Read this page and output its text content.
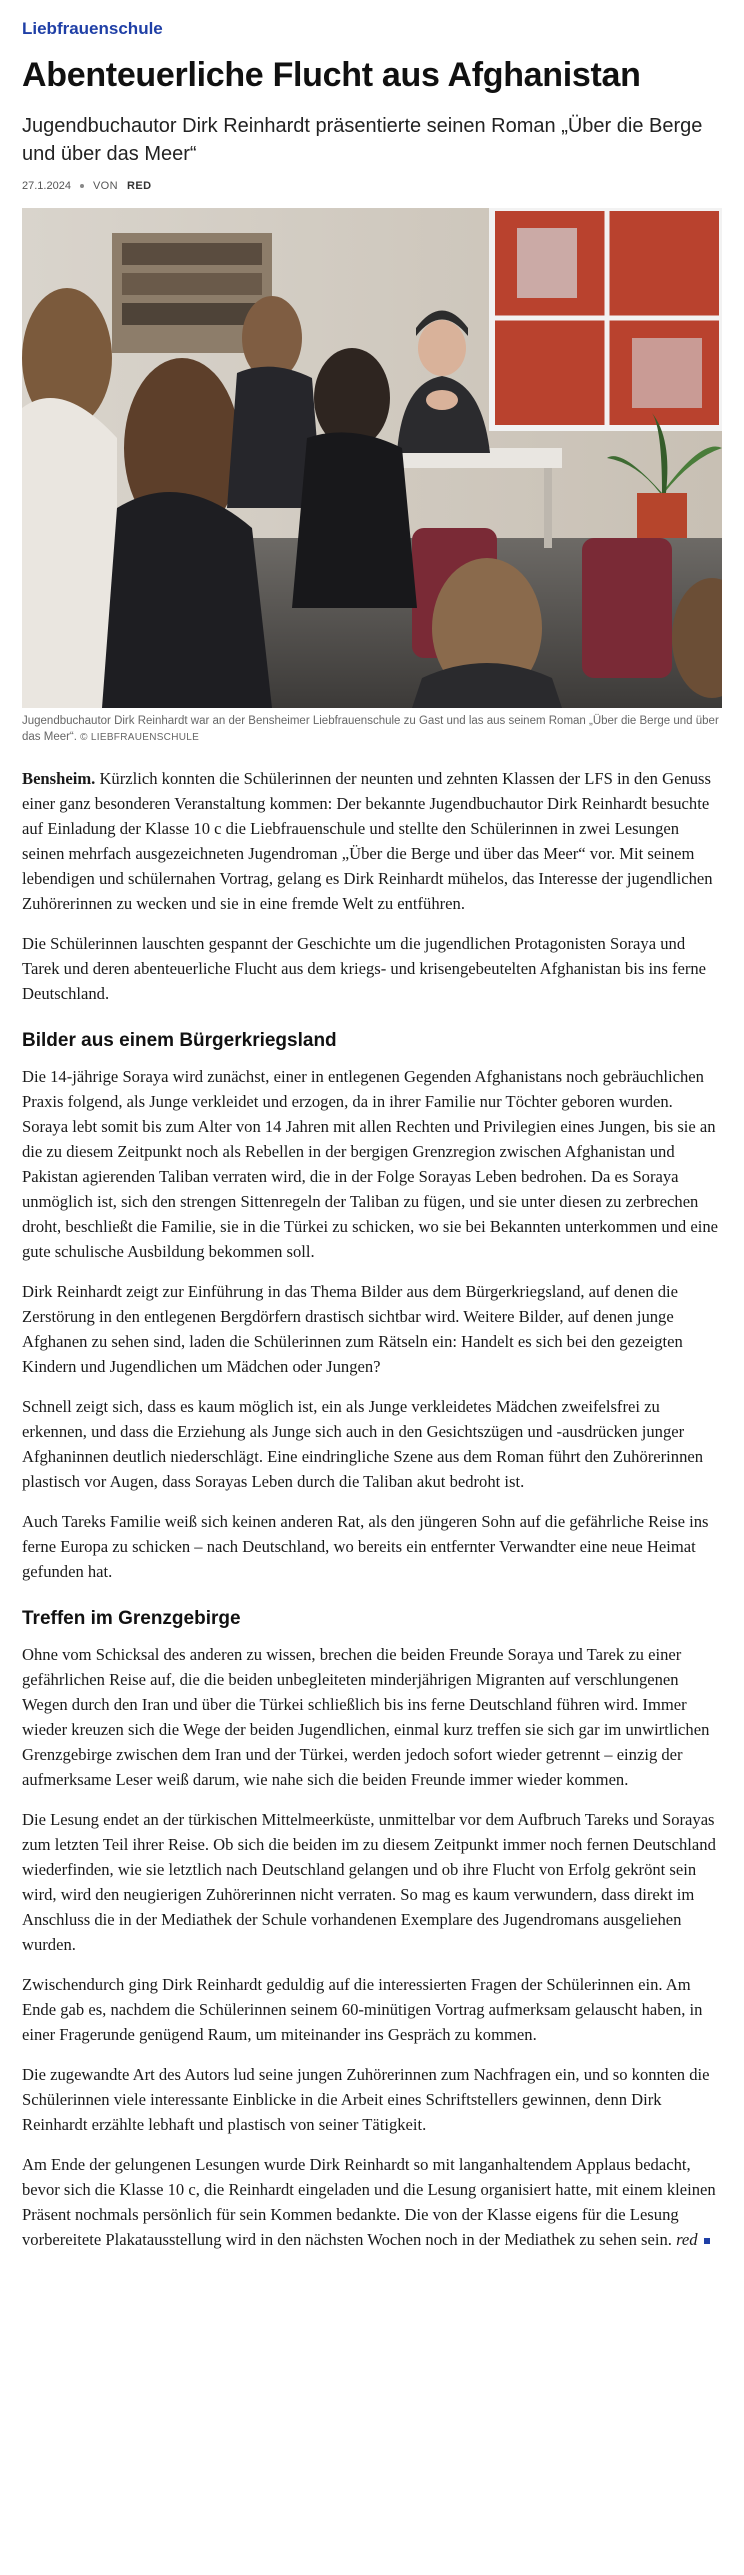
Liebfrauenschule
Abenteuerliche Flucht aus Afghanistan
Jugendbuchautor Dirk Reinhardt präsentierte seinen Roman „Über die Berge und über das Meer“
27.1.2024 VON RED
Jugendbuchautor Dirk Reinhardt war an der Bensheimer Liebfrauenschule zu Gast und las aus seinem Roman „Über die Berge und über das Meer“. © LIEBFRAUENSCHULE

Bensheim. Kürzlich konnten die Schülerinnen der neunten und zehnten Klassen der LFS in den Genuss einer ganz besonderen Veranstaltung kommen: Der bekannte Jugendbuchautor Dirk Reinhardt besuchte auf Einladung der Klasse 10 c die Liebfrauenschule und stellte den Schülerinnen in zwei Lesungen seinen mehrfach ausgezeichneten Jugendroman „Über die Berge und über das Meer“ vor. Mit seinem lebendigen und schülernahen Vortrag, gelang es Dirk Reinhardt mühelos, das Interesse der jugendlichen Zuhörerinnen zu wecken und sie in eine fremde Welt zu entführen.

Die Schülerinnen lauschten gespannt der Geschichte um die jugendlichen Protagonisten Soraya und Tarek und deren abenteuerliche Flucht aus dem kriegs- und krisengebeutelten Afghanistan bis ins ferne Deutschland.

Bilder aus einem Bürgerkriegsland

Die 14-jährige Soraya wird zunächst, einer in entlegenen Gegenden Afghanistans noch gebräuchlichen Praxis folgend, als Junge verkleidet und erzogen, da in ihrer Familie nur Töchter geboren wurden. Soraya lebt somit bis zum Alter von 14 Jahren mit allen Rechten und Privilegien eines Jungen, bis sie an die zu diesem Zeitpunkt noch als Rebellen in der bergigen Grenzregion zwischen Afghanistan und Pakistan agierenden Taliban verraten wird, die in der Folge Sorayas Leben bedrohen. Da es Soraya unmöglich ist, sich den strengen Sittenregeln der Taliban zu fügen, und sie unter diesen zu zerbrechen droht, beschließt die Familie, sie in die Türkei zu schicken, wo sie bei Bekannten unterkommen und eine gute schulische Ausbildung bekommen soll.

Dirk Reinhardt zeigt zur Einführung in das Thema Bilder aus dem Bürgerkriegsland, auf denen die Zerstörung in den entlegenen Bergdörfern drastisch sichtbar wird. Weitere Bilder, auf denen junge Afghanen zu sehen sind, laden die Schülerinnen zum Rätseln ein: Handelt es sich bei den gezeigten Kindern und Jugendlichen um Mädchen oder Jungen?

Schnell zeigt sich, dass es kaum möglich ist, ein als Junge verkleidetes Mädchen zweifelsfrei zu erkennen, und dass die Erziehung als Junge sich auch in den Gesichtszügen und -ausdrücken junger Afghaninnen deutlich niederschlägt. Eine eindringliche Szene aus dem Roman führt den Zuhörerinnen plastisch vor Augen, dass Sorayas Leben durch die Taliban akut bedroht ist.

Auch Tareks Familie weiß sich keinen anderen Rat, als den jüngeren Sohn auf die gefährliche Reise ins ferne Europa zu schicken – nach Deutschland, wo bereits ein entfernter Verwandter eine neue Heimat gefunden hat.

Treffen im Grenzgebirge

Ohne vom Schicksal des anderen zu wissen, brechen die beiden Freunde Soraya und Tarek zu einer gefährlichen Reise auf, die die beiden unbegleiteten minderjährigen Migranten auf verschlungenen Wegen durch den Iran und über die Türkei schließlich bis ins ferne Deutschland führen wird. Immer wieder kreuzen sich die Wege der beiden Jugendlichen, einmal kurz treffen sie sich gar im unwirtlichen Grenzgebirge zwischen dem Iran und der Türkei, werden jedoch sofort wieder getrennt – einzig der aufmerksame Leser weiß darum, wie nahe sich die beiden Freunde immer wieder kommen.

Die Lesung endet an der türkischen Mittelmeerküste, unmittelbar vor dem Aufbruch Tareks und Sorayas zum letzten Teil ihrer Reise. Ob sich die beiden im zu diesem Zeitpunkt immer noch fernen Deutschland wiederfinden, wie sie letztlich nach Deutschland gelangen und ob ihre Flucht von Erfolg gekrönt sein wird, wird den neugierigen Zuhörerinnen nicht verraten. So mag es kaum verwundern, dass direkt im Anschluss die in der Mediathek der Schule vorhandenen Exemplare des Jugendromans ausgeliehen wurden.

Zwischendurch ging Dirk Reinhardt geduldig auf die interessierten Fragen der Schülerinnen ein. Am Ende gab es, nachdem die Schülerinnen seinem 60-minütigen Vortrag aufmerksam gelauscht haben, in einer Fragerunde genügend Raum, um miteinander ins Gespräch zu kommen.

Die zugewandte Art des Autors lud seine jungen Zuhörerinnen zum Nachfragen ein, und so konnten die Schülerinnen viele interessante Einblicke in die Arbeit eines Schriftstellers gewinnen, denn Dirk Reinhardt erzählte lebhaft und plastisch von seiner Tätigkeit.

Am Ende der gelungenen Lesungen wurde Dirk Reinhardt so mit langanhaltendem Applaus bedacht, bevor sich die Klasse 10 c, die Reinhardt eingeladen und die Lesung organisiert hatte, mit einem kleinen Präsent nochmals persönlich für sein Kommen bedankte. Die von der Klasse eigens für die Lesung vorbereitete Plakatausstellung wird in den nächsten Wochen noch in der Mediathek zu sehen sein. red
